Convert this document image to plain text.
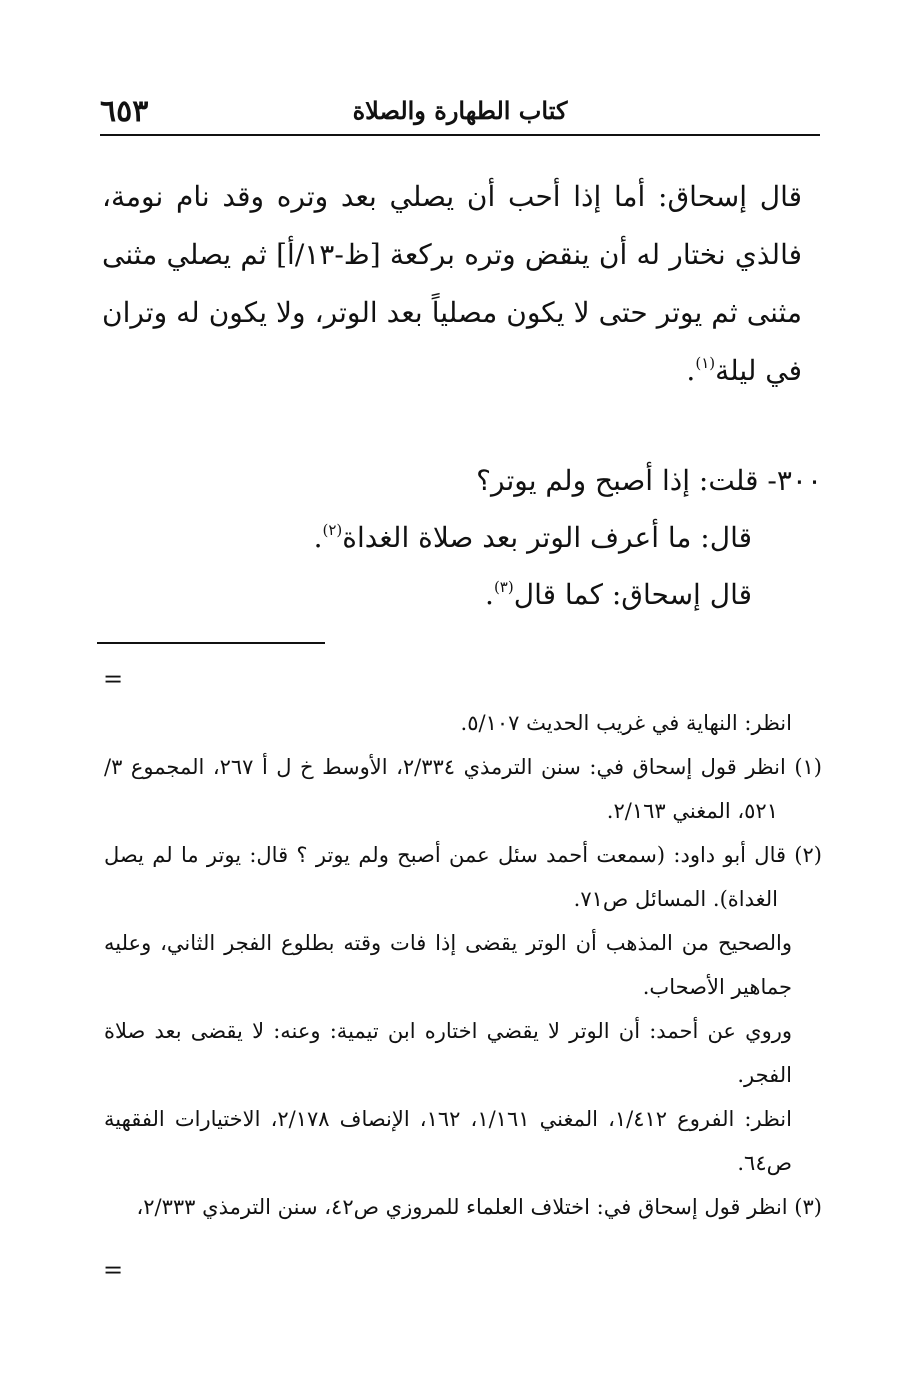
٦٥٣	كتاب الطهارة والصلاة

قال إسحاق: أما إذا أحب أن يصلي بعد وتره وقد نام نومة، فالذي نختار له أن ينقض وتره بركعة [ظ-١٣/أ] ثم يصلي مثنى مثنى ثم يوتر حتى لا يكون مصلياً بعد الوتر، ولا يكون له وتران في ليلة$^{(١)}$.

٣٠٠- قلت: إذا أصبح ولم يوتر؟

قال: ما أعرف الوتر بعد صلاة الغداة$^{(٢)}$.

قال إسحاق: كما قال$^{(٣)}$.

=

انظر: النهاية في غريب الحديث ٥/١٠٧.

(١) انظر قول إسحاق في: سنن الترمذي ٢/٣٣٤، الأوسط خ ل أ ٢٦٧، المجموع ٣/ ٥٢١، المغني ٢/١٦٣.

(٢) قال أبو داود: (سمعت أحمد سئل عمن أصبح ولم يوتر ؟ قال: يوتر ما لم يصل الغداة). المسائل ص٧١.

والصحيح من المذهب أن الوتر يقضى إذا فات وقته بطلوع الفجر الثاني، وعليه جماهير الأصحاب.

وروي عن أحمد: أن الوتر لا يقضي اختاره ابن تيمية: وعنه: لا يقضى بعد صلاة الفجر.

انظر: الفروع ١/٤١٢، المغني ١/١٦١، ١٦٢، الإنصاف ٢/١٧٨، الاختيارات الفقهية ص٦٤.

(٣) انظر قول إسحاق في: اختلاف العلماء للمروزي ص٤٢، سنن الترمذي ٢/٣٣٣،

=
